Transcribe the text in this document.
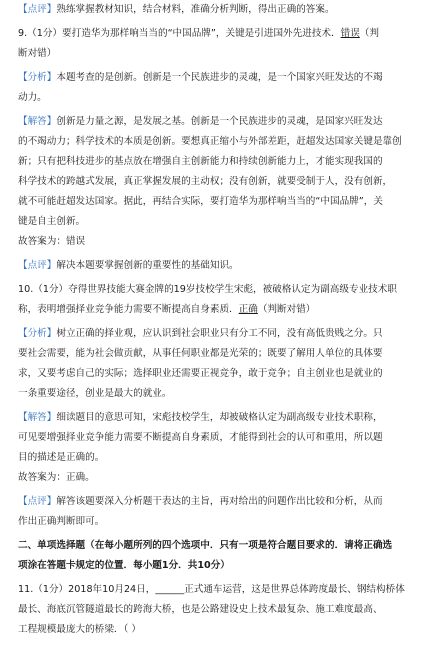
【点评】熟练掌握教材知识，结合材料，准确分析判断，得出正确的答案。
9.（1分）要打造华为那样响当当的“中国品牌”，关键是引进国外先进技术．错误（判
断对错）
【分析】本题考查的是创新。创新是一个民族进步的灵魂，是一个国家兴旺发达的不竭
动力。
【解答】创新是力量之源，是发展之基。创新是一个民族进步的灵魂，是国家兴旺发达
的不竭动力；科学技术的本质是创新。要想真正缩小与外部差距，赶超发达国家关键是靠创
新；只有把科技进步的基点放在增强自主创新能力和持续创新能力上，才能实现我国的
科学技术的跨越式发展，真正掌握发展的主动权；没有创新，就要受制于人，没有创新，
就不可能赶超发达国家。据此，再结合实际，要打造华为那样响当当的“中国品牌”，关
键是自主创新。
故答案为：错误
【点评】解决本题要掌握创新的重要性的基础知识。
10.（1分）夺得世界技能大赛金牌的19岁技校学生宋彪，被破格认定为副高级专业技术职
称，表明增强择业竞争能力需要不断提高自身素质．正确（判断对错）
【分析】树立正确的择业观，应认识到社会职业只有分工不同，没有高低贵贱之分。只
要社会需要，能为社会做贡献，从事任何职业都是光荣的；既要了解用人单位的具体要
求，又要考虑自己的实际；选择职业还需要正视竞争，敢于竞争；自主创业也是就业的
一条重要途径，创业是最大的就业。
【解答】细读题目的意思可知，宋彪技校学生，却被破格认定为副高级专业技术职称，
可见要增强择业竞争能力需要不断提高自身素质，才能得到社会的认可和重用，所以题
目的描述是正确的。
故答案为：正确。
【点评】解答该题要深入分析题干表达的主旨，再对给出的问题作出比较和分析，从而
作出正确判断即可。
二、单项选择题（在每小题所列的四个选项中．只有一项是符合题目要求的．请将正确选
项涂在答题卡规定的位置．每小题1分．共10分）
11.（1分）2018年10月24日，______正式通车运营，这是世界总体跨度最长、钢结构桥体
最长、海底沉管隧道最长的跨海大桥，也是公路建设史上技术最复杂、施工难度最高、
工程规模最庞大的桥梁．（ ）
